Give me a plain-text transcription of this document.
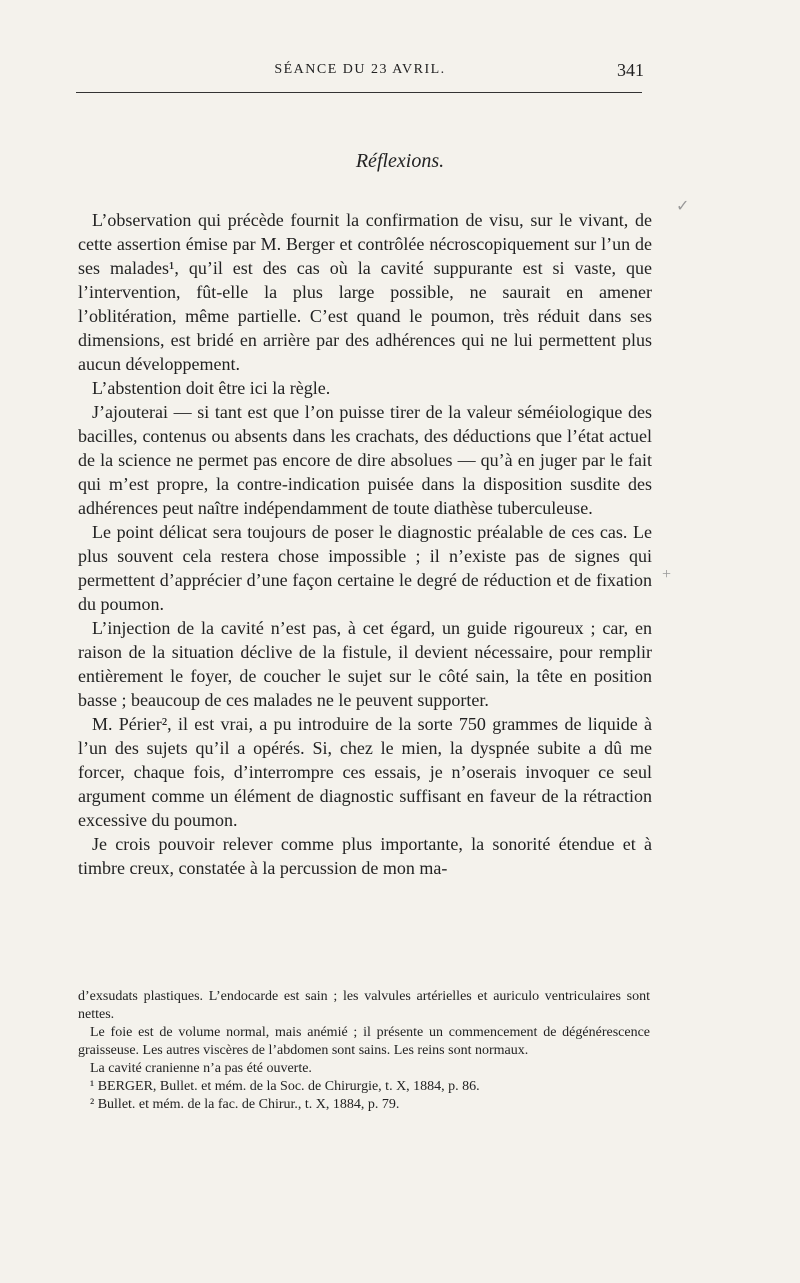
SÉANCE DU 23 AVRIL.	341
Réflexions.

L’observation qui précède fournit la confirmation de visu, sur le vivant, de cette assertion émise par M. Berger et contrôlée nécroscopiquement sur l’un de ses malades¹, qu’il est des cas où la cavité suppurante est si vaste, que l’intervention, fût-elle la plus large possible, ne saurait en amener l’oblitération, même partielle. C’est quand le poumon, très réduit dans ses dimensions, est bridé en arrière par des adhérences qui ne lui permettent plus aucun développement.

L’abstention doit être ici la règle.

J’ajouterai — si tant est que l’on puisse tirer de la valeur séméiologique des bacilles, contenus ou absents dans les crachats, des déductions que l’état actuel de la science ne permet pas encore de dire absolues — qu’à en juger par le fait qui m’est propre, la contre-indication puisée dans la disposition susdite des adhérences peut naître indépendamment de toute diathèse tuberculeuse.

Le point délicat sera toujours de poser le diagnostic préalable de ces cas. Le plus souvent cela restera chose impossible ; il n’existe pas de signes qui permettent d’apprécier d’une façon certaine le degré de réduction et de fixation du poumon.

L’injection de la cavité n’est pas, à cet égard, un guide rigoureux ; car, en raison de la situation déclive de la fistule, il devient nécessaire, pour remplir entièrement le foyer, de coucher le sujet sur le côté sain, la tête en position basse ; beaucoup de ces malades ne le peuvent supporter.

M. Périer², il est vrai, a pu introduire de la sorte 750 grammes de liquide à l’un des sujets qu’il a opérés. Si, chez le mien, la dyspnée subite a dû me forcer, chaque fois, d’interrompre ces essais, je n’oserais invoquer ce seul argument comme un élément de diagnostic suffisant en faveur de la rétraction excessive du poumon.

Je crois pouvoir relever comme plus importante, la sonorité étendue et à timbre creux, constatée à la percussion de mon ma-

d’exsudats plastiques. L’endocarde est sain ; les valvules artérielles et auriculo ventriculaires sont nettes.

Le foie est de volume normal, mais anémié ; il présente un commencement de dégénérescence graisseuse. Les autres viscères de l’abdomen sont sains. Les reins sont normaux.

La cavité cranienne n’a pas été ouverte.

¹ BERGER, Bullet. et mém. de la Soc. de Chirurgie, t. X, 1884, p. 86.

² Bullet. et mém. de la fac. de Chirur., t. X, 1884, p. 79.

✓
+
